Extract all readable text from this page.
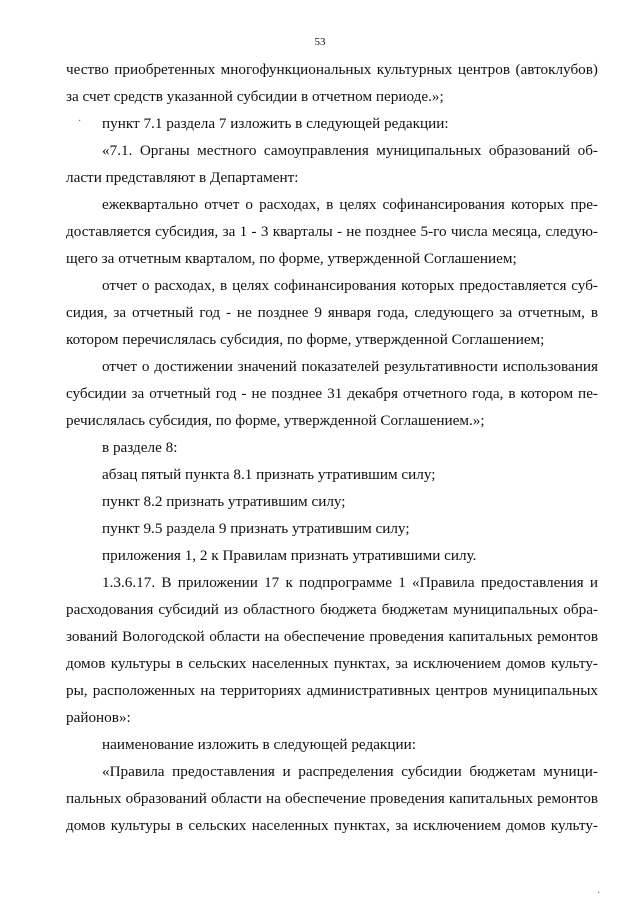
53
чество приобретенных многофункциональных культурных центров (автоклубов)
за счет средств указанной субсидии в отчетном периоде.»;
пункт 7.1 раздела 7 изложить в следующей редакции:
«7.1. Органы местного самоуправления муниципальных образований об-
ласти представляют в Департамент:
ежеквартально отчет о расходах, в целях софинансирования которых пре-
доставляется субсидия, за 1 - 3 кварталы - не позднее 5-го числа месяца, следую-
щего за отчетным кварталом, по форме, утвержденной Соглашением;
отчет о расходах, в целях софинансирования которых предоставляется суб-
сидия, за отчетный год - не позднее 9 января года, следующего за отчетным, в
котором перечислялась субсидия, по форме, утвержденной Соглашением;
отчет о достижении значений показателей результативности использования
субсидии за отчетный год - не позднее 31 декабря отчетного года, в котором пе-
речислялась субсидия, по форме, утвержденной Соглашением.»;
в разделе 8:
абзац пятый пункта 8.1 признать утратившим силу;
пункт 8.2 признать утратившим силу;
пункт 9.5 раздела 9 признать утратившим силу;
приложения 1, 2 к Правилам признать утратившими силу.
1.3.6.17. В приложении 17 к подпрограмме 1 «Правила предоставления и
расходования субсидий из областного бюджета бюджетам муниципальных обра-
зований Вологодской области на обеспечение проведения капитальных ремонтов
домов культуры в сельских населенных пунктах, за исключением домов культу-
ры, расположенных на территориях административных центров муниципальных
районов»:
наименование изложить в следующей редакции:
«Правила предоставления и распределения субсидии бюджетам муници-
пальных образований области на обеспечение проведения капитальных ремонтов
домов культуры в сельских населенных пунктах, за исключением домов культу-
·
·
